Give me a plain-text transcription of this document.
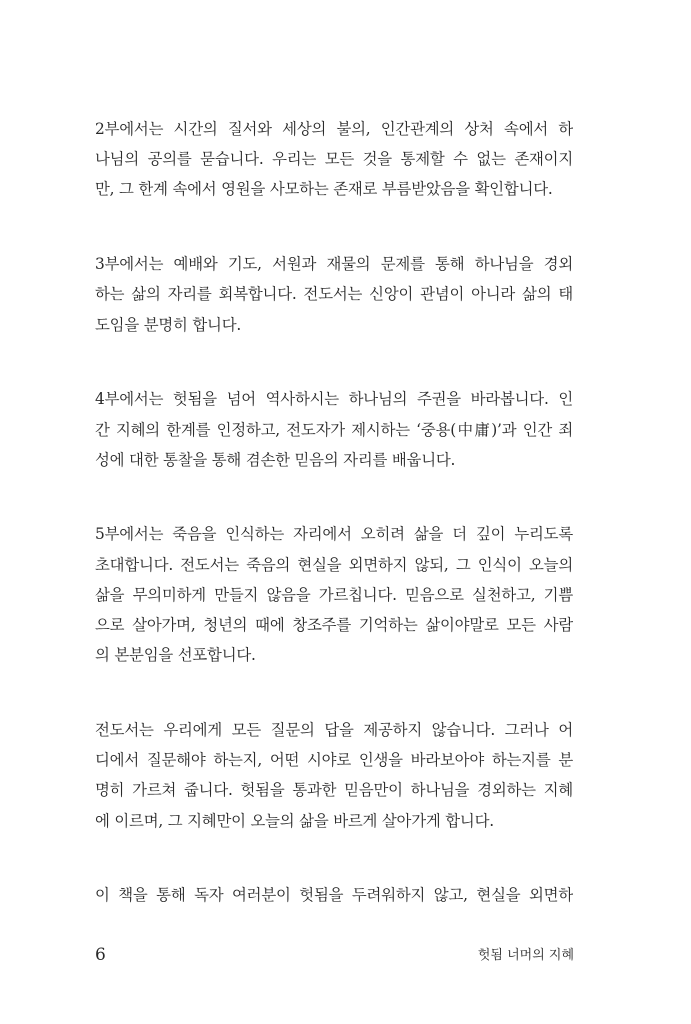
2부에서는 시간의 질서와 세상의 불의, 인간관계의 상처 속에서 하
나님의 공의를 묻습니다. 우리는 모든 것을 통제할 수 없는 존재이지
만, 그 한계 속에서 영원을 사모하는 존재로 부름받았음을 확인합니다.
3부에서는 예배와 기도, 서원과 재물의 문제를 통해 하나님을 경외
하는 삶의 자리를 회복합니다. 전도서는 신앙이 관념이 아니라 삶의 태
도임을 분명히 합니다.
4부에서는 헛됨을 넘어 역사하시는 하나님의 주권을 바라봅니다. 인
간 지혜의 한계를 인정하고, 전도자가 제시하는 ‘중용(中庸)’과 인간 죄
성에 대한 통찰을 통해 겸손한 믿음의 자리를 배웁니다.
5부에서는 죽음을 인식하는 자리에서 오히려 삶을 더 깊이 누리도록
초대합니다. 전도서는 죽음의 현실을 외면하지 않되, 그 인식이 오늘의
삶을 무의미하게 만들지 않음을 가르칩니다. 믿음으로 실천하고, 기쁨
으로 살아가며, 청년의 때에 창조주를 기억하는 삶이야말로 모든 사람
의 본분임을 선포합니다.
전도서는 우리에게 모든 질문의 답을 제공하지 않습니다. 그러나 어
디에서 질문해야 하는지, 어떤 시야로 인생을 바라보아야 하는지를 분
명히 가르쳐 줍니다. 헛됨을 통과한 믿음만이 하나님을 경외하는 지혜
에 이르며, 그 지혜만이 오늘의 삶을 바르게 살아가게 합니다.
이 책을 통해 독자 여러분이 헛됨을 두려워하지 않고, 현실을 외면하
6	헛됨 너머의 지혜
